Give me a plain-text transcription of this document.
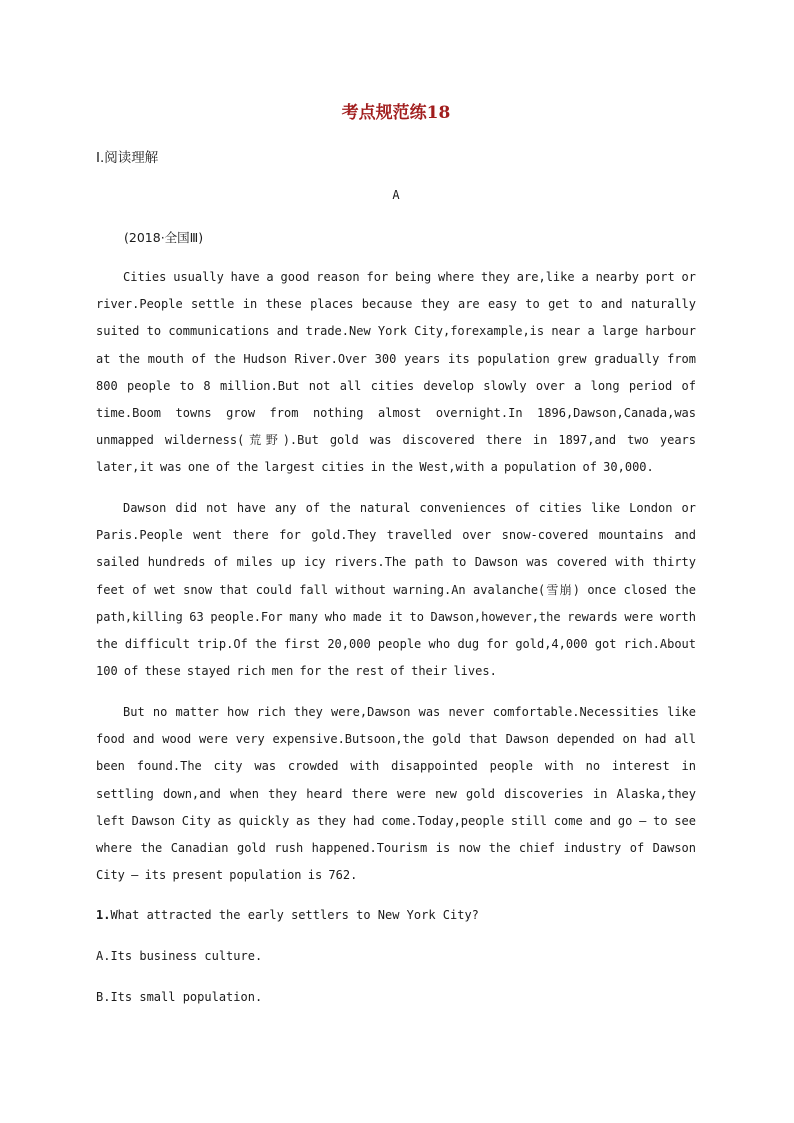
考点规范练18
Ⅰ.阅读理解
A
(2018·全国Ⅲ)

Cities usually have a good reason for being where they are,like a nearby port or river.People settle in these places because they are easy to get to and naturally suited to communications and trade.New York City,forexample,is near a large harbour at the mouth of the Hudson River.Over 300 years its population grew gradually from 800 people to 8 million.But not all cities develop slowly over a long period of time.Boom towns grow from nothing almost overnight.In 1896,Dawson,Canada,was unmapped wilderness(荒野).But gold was discovered there in 1897,and two years later,it was one of the largest cities in the West,with a population of 30,000.

Dawson did not have any of the natural conveniences of cities like London or Paris.People went there for gold.They travelled over snow-covered mountains and sailed hundreds of miles up icy rivers.The path to Dawson was covered with thirty feet of wet snow that could fall without warning.An avalanche(雪崩) once closed the path,killing 63 people.For many who made it to Dawson,however,the rewards were worth the difficult trip.Of the first 20,000 people who dug for gold,4,000 got rich.About 100 of these stayed rich men for the rest of their lives.

But no matter how rich they were,Dawson was never comfortable.Necessities like food and wood were very expensive.Butsoon,the gold that Dawson depended on had all been found.The city was crowded with disappointed people with no interest in settling down,and when they heard there were new gold discoveries in Alaska,they left Dawson City as quickly as they had come.Today,people still come and go — to see where the Canadian gold rush happened.Tourism is now the chief industry of Dawson City — its present population is 762.

1.What attracted the early settlers to New York City?

A.Its business culture.

B.Its small population.
